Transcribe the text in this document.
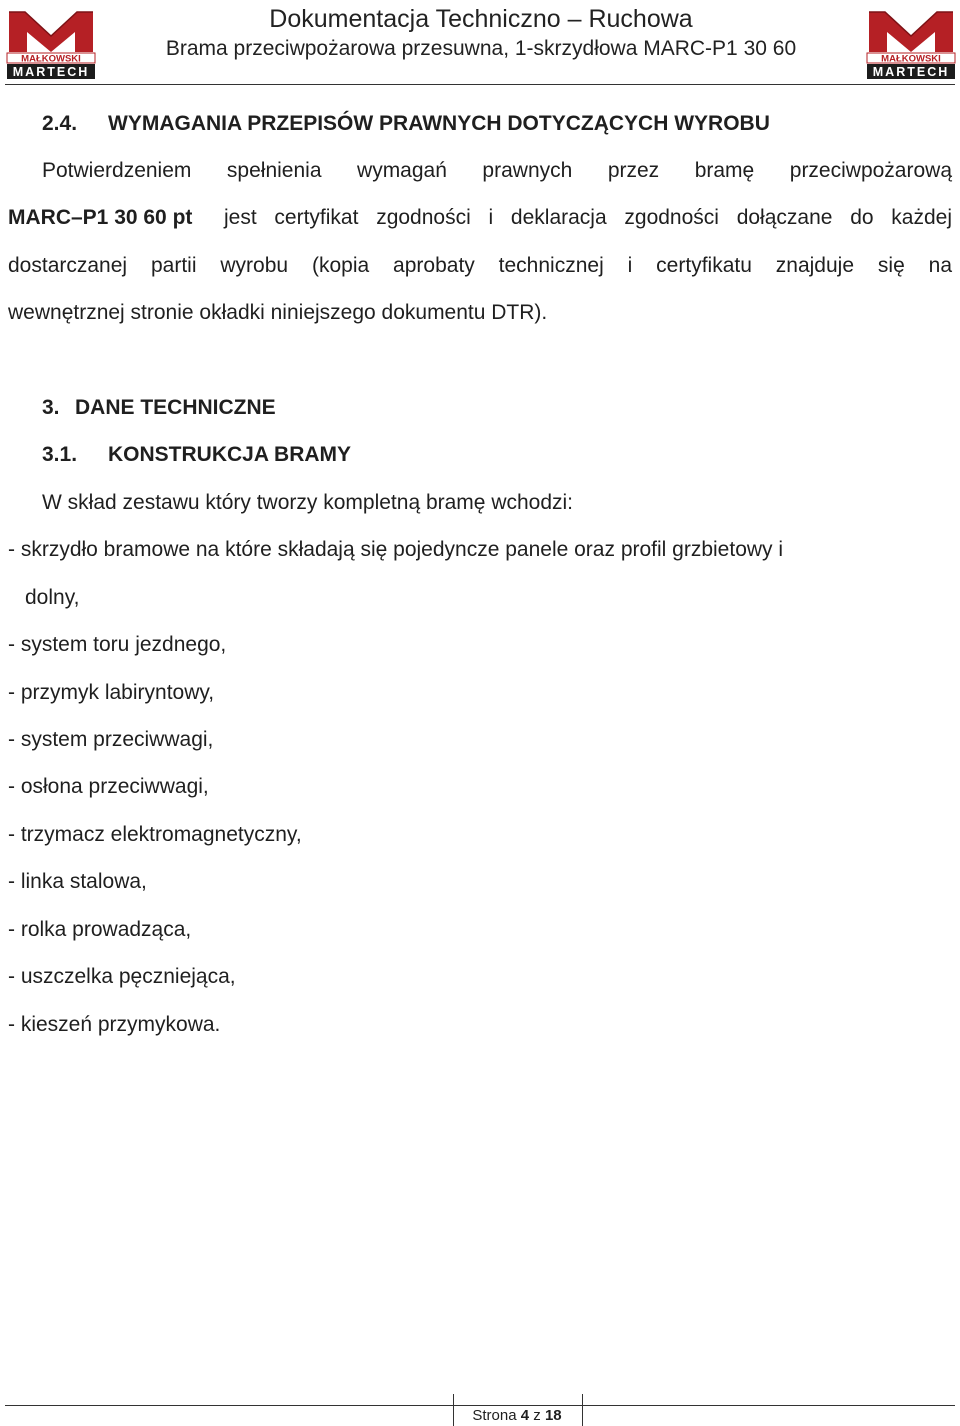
MAŁKOWSKI
MARTECH
Dokumentacja Techniczno – Ruchowa
Brama przeciwpożarowa przesuwna, 1-skrzydłowa MARC-P1 30 60	MAŁKOWSKI
MARTECH
2.4. WYMAGANIA PRZEPISÓW PRAWNYCH DOTYCZĄCYCH WYROBU
Potwierdzeniem spełnienia wymagań prawnych przez bramę przeciwpożarową
MARC–P1 30 60 pt jest certyfikat zgodności i deklaracja zgodności dołączane do każdej
dostarczanej partii wyrobu (kopia aprobaty technicznej i certyfikatu znajduje się na
wewnętrznej stronie okładki niniejszego dokumentu DTR).
3. DANE TECHNICZNE
3.1. KONSTRUKCJA BRAMY
W skład zestawu który tworzy kompletną bramę wchodzi:
- skrzydło bramowe na które składają się pojedyncze panele oraz profil grzbietowy i
dolny,
- system toru jezdnego,
- przymyk labiryntowy,
- system przeciwwagi,
- osłona przeciwwagi,
- trzymacz elektromagnetyczny,
- linka stalowa,
- rolka prowadząca,
- uszczelka pęczniejąca,
- kieszeń przymykowa.
Strona 4 z 18
